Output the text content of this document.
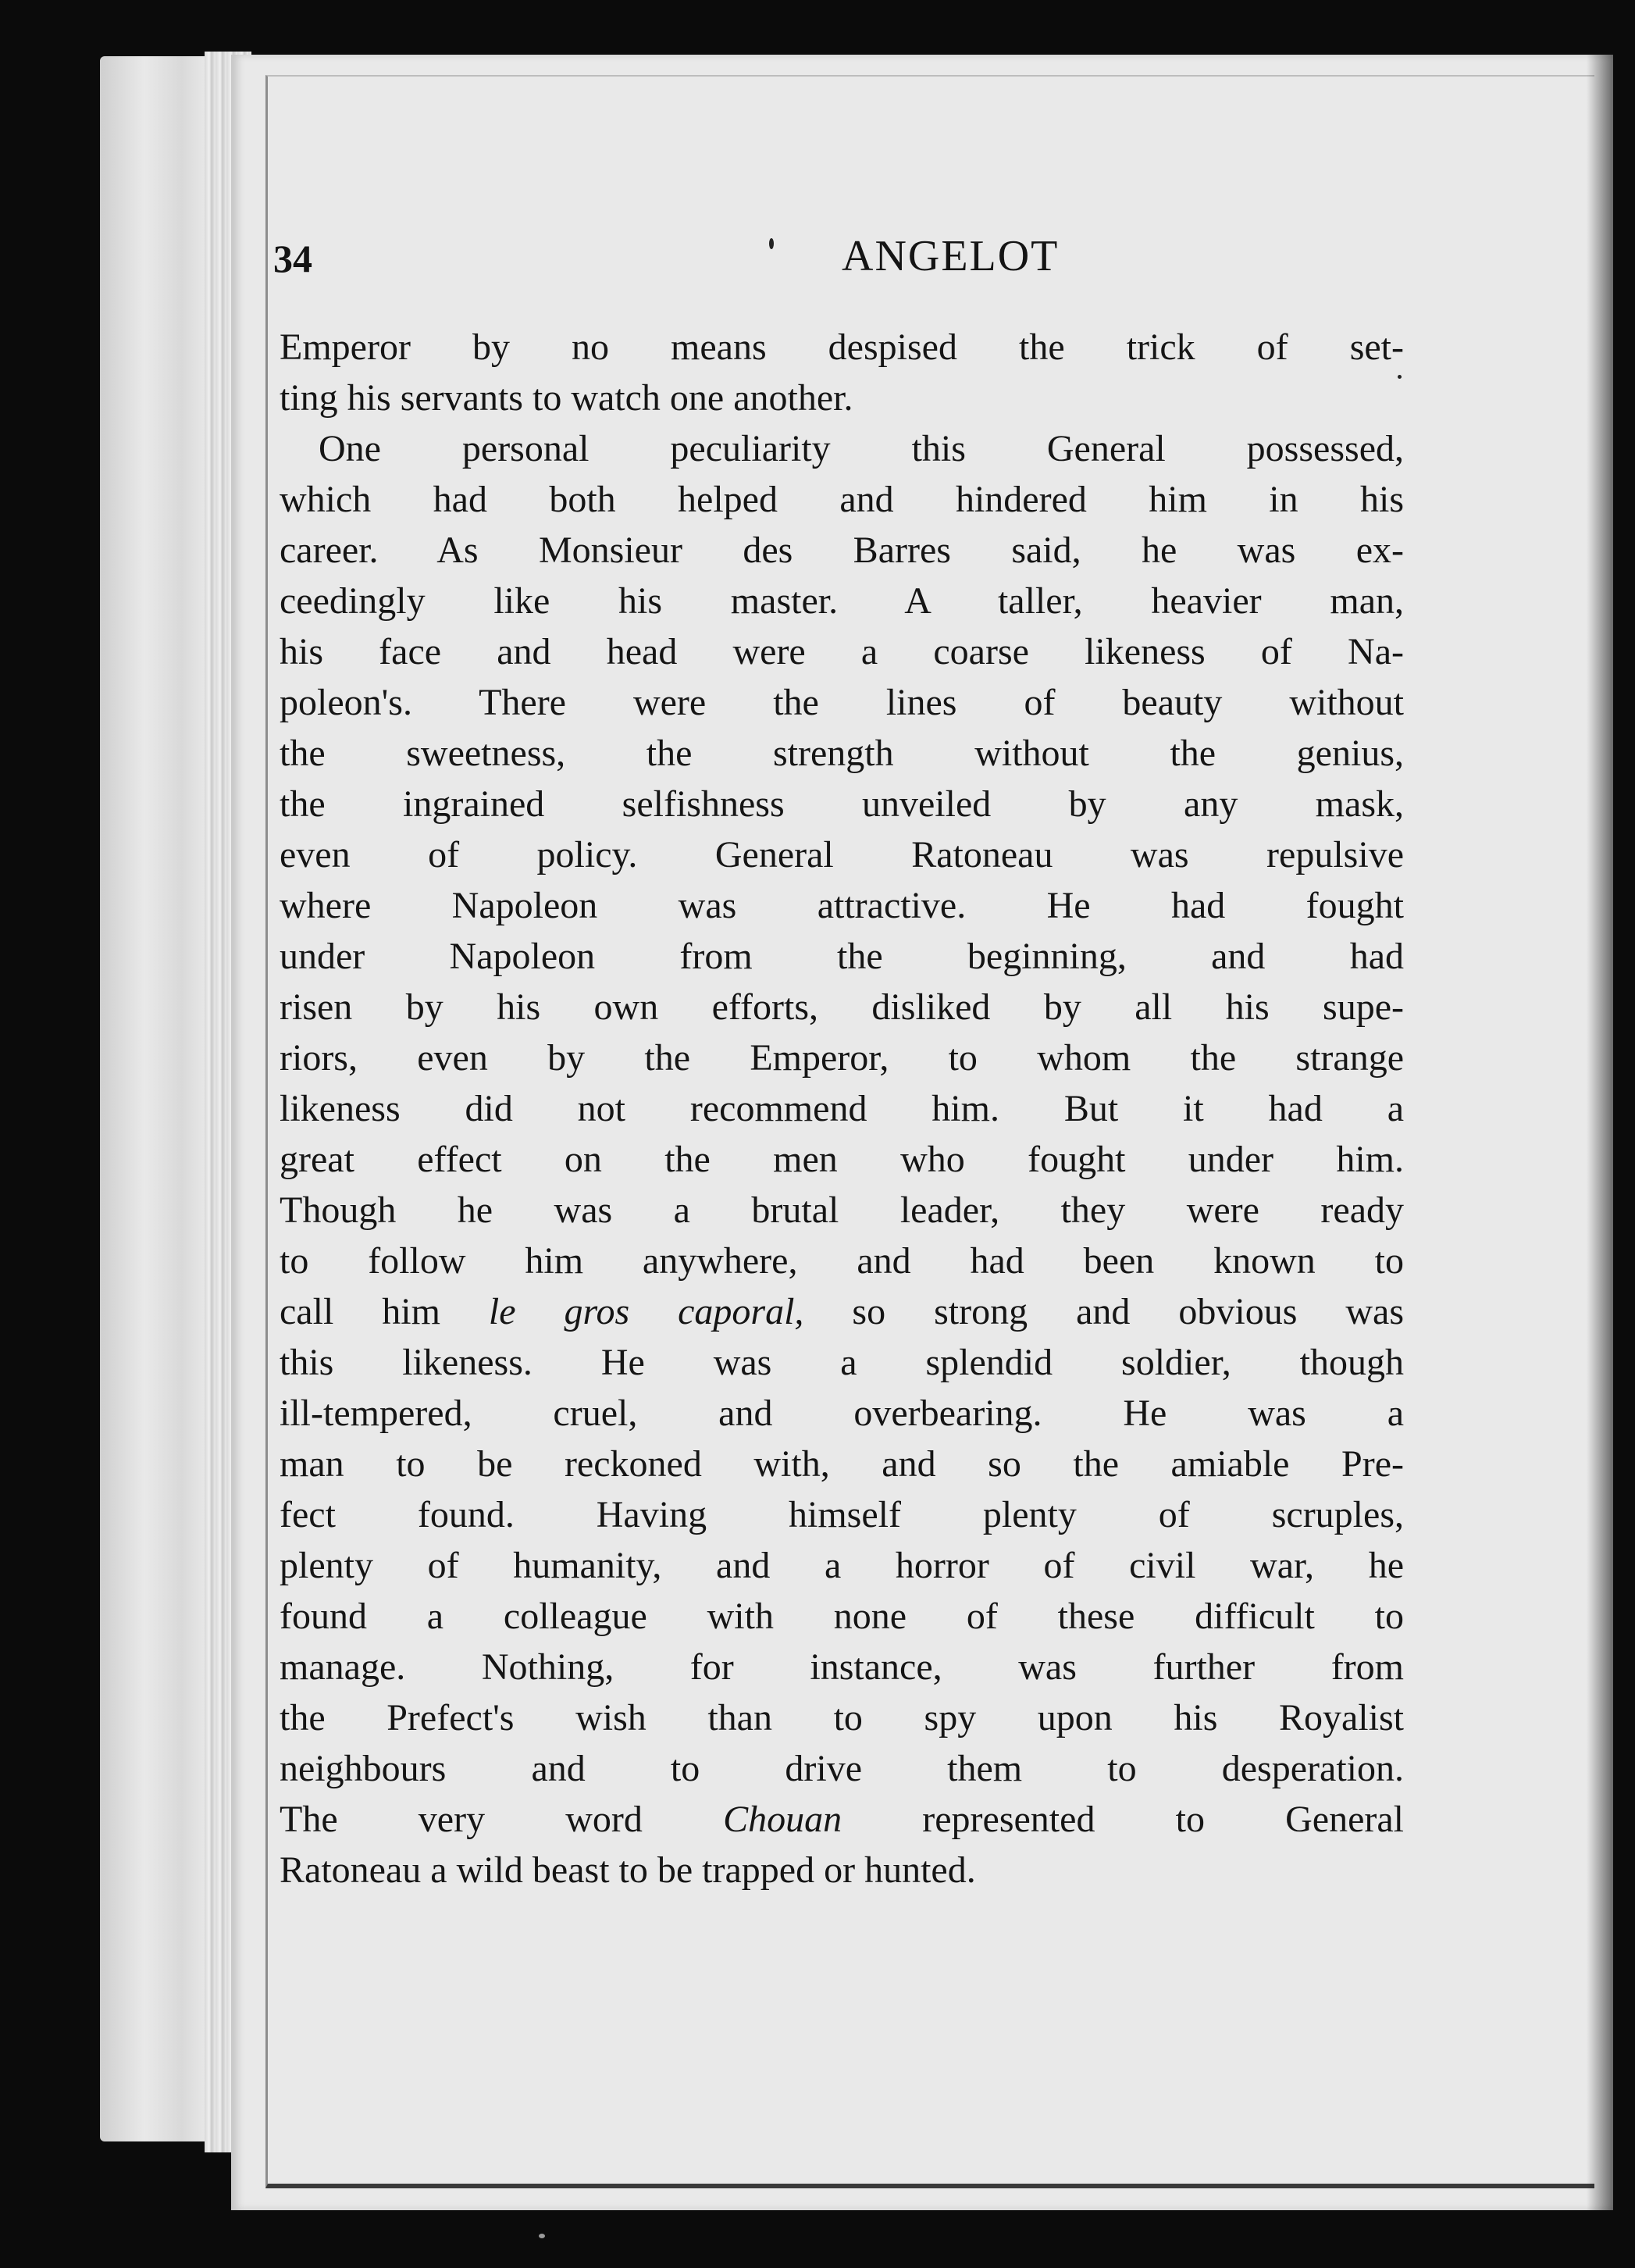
34	ANGELOT
Emperor by no means despised the trick of set-
ting his servants to watch one another.
One personal peculiarity this General possessed,
which had both helped and hindered him in his
career. As Monsieur des Barres said, he was ex-
ceedingly like his master. A taller, heavier man,
his face and head were a coarse likeness of Na-
poleon's. There were the lines of beauty without
the sweetness, the strength without the genius,
the ingrained selfishness unveiled by any mask,
even of policy. General Ratoneau was repulsive
where Napoleon was attractive. He had fought
under Napoleon from the beginning, and had
risen by his own efforts, disliked by all his supe-
riors, even by the Emperor, to whom the strange
likeness did not recommend him. But it had a
great effect on the men who fought under him.
Though he was a brutal leader, they were ready
to follow him anywhere, and had been known to
call him le gros caporal, so strong and obvious was
this likeness. He was a splendid soldier, though
ill-tempered, cruel, and overbearing. He was a
man to be reckoned with, and so the amiable Pre-
fect found. Having himself plenty of scruples,
plenty of humanity, and a horror of civil war, he
found a colleague with none of these difficult to
manage. Nothing, for instance, was further from
the Prefect's wish than to spy upon his Royalist
neighbours and to drive them to desperation.
The very word Chouan represented to General
Ratoneau a wild beast to be trapped or hunted.
